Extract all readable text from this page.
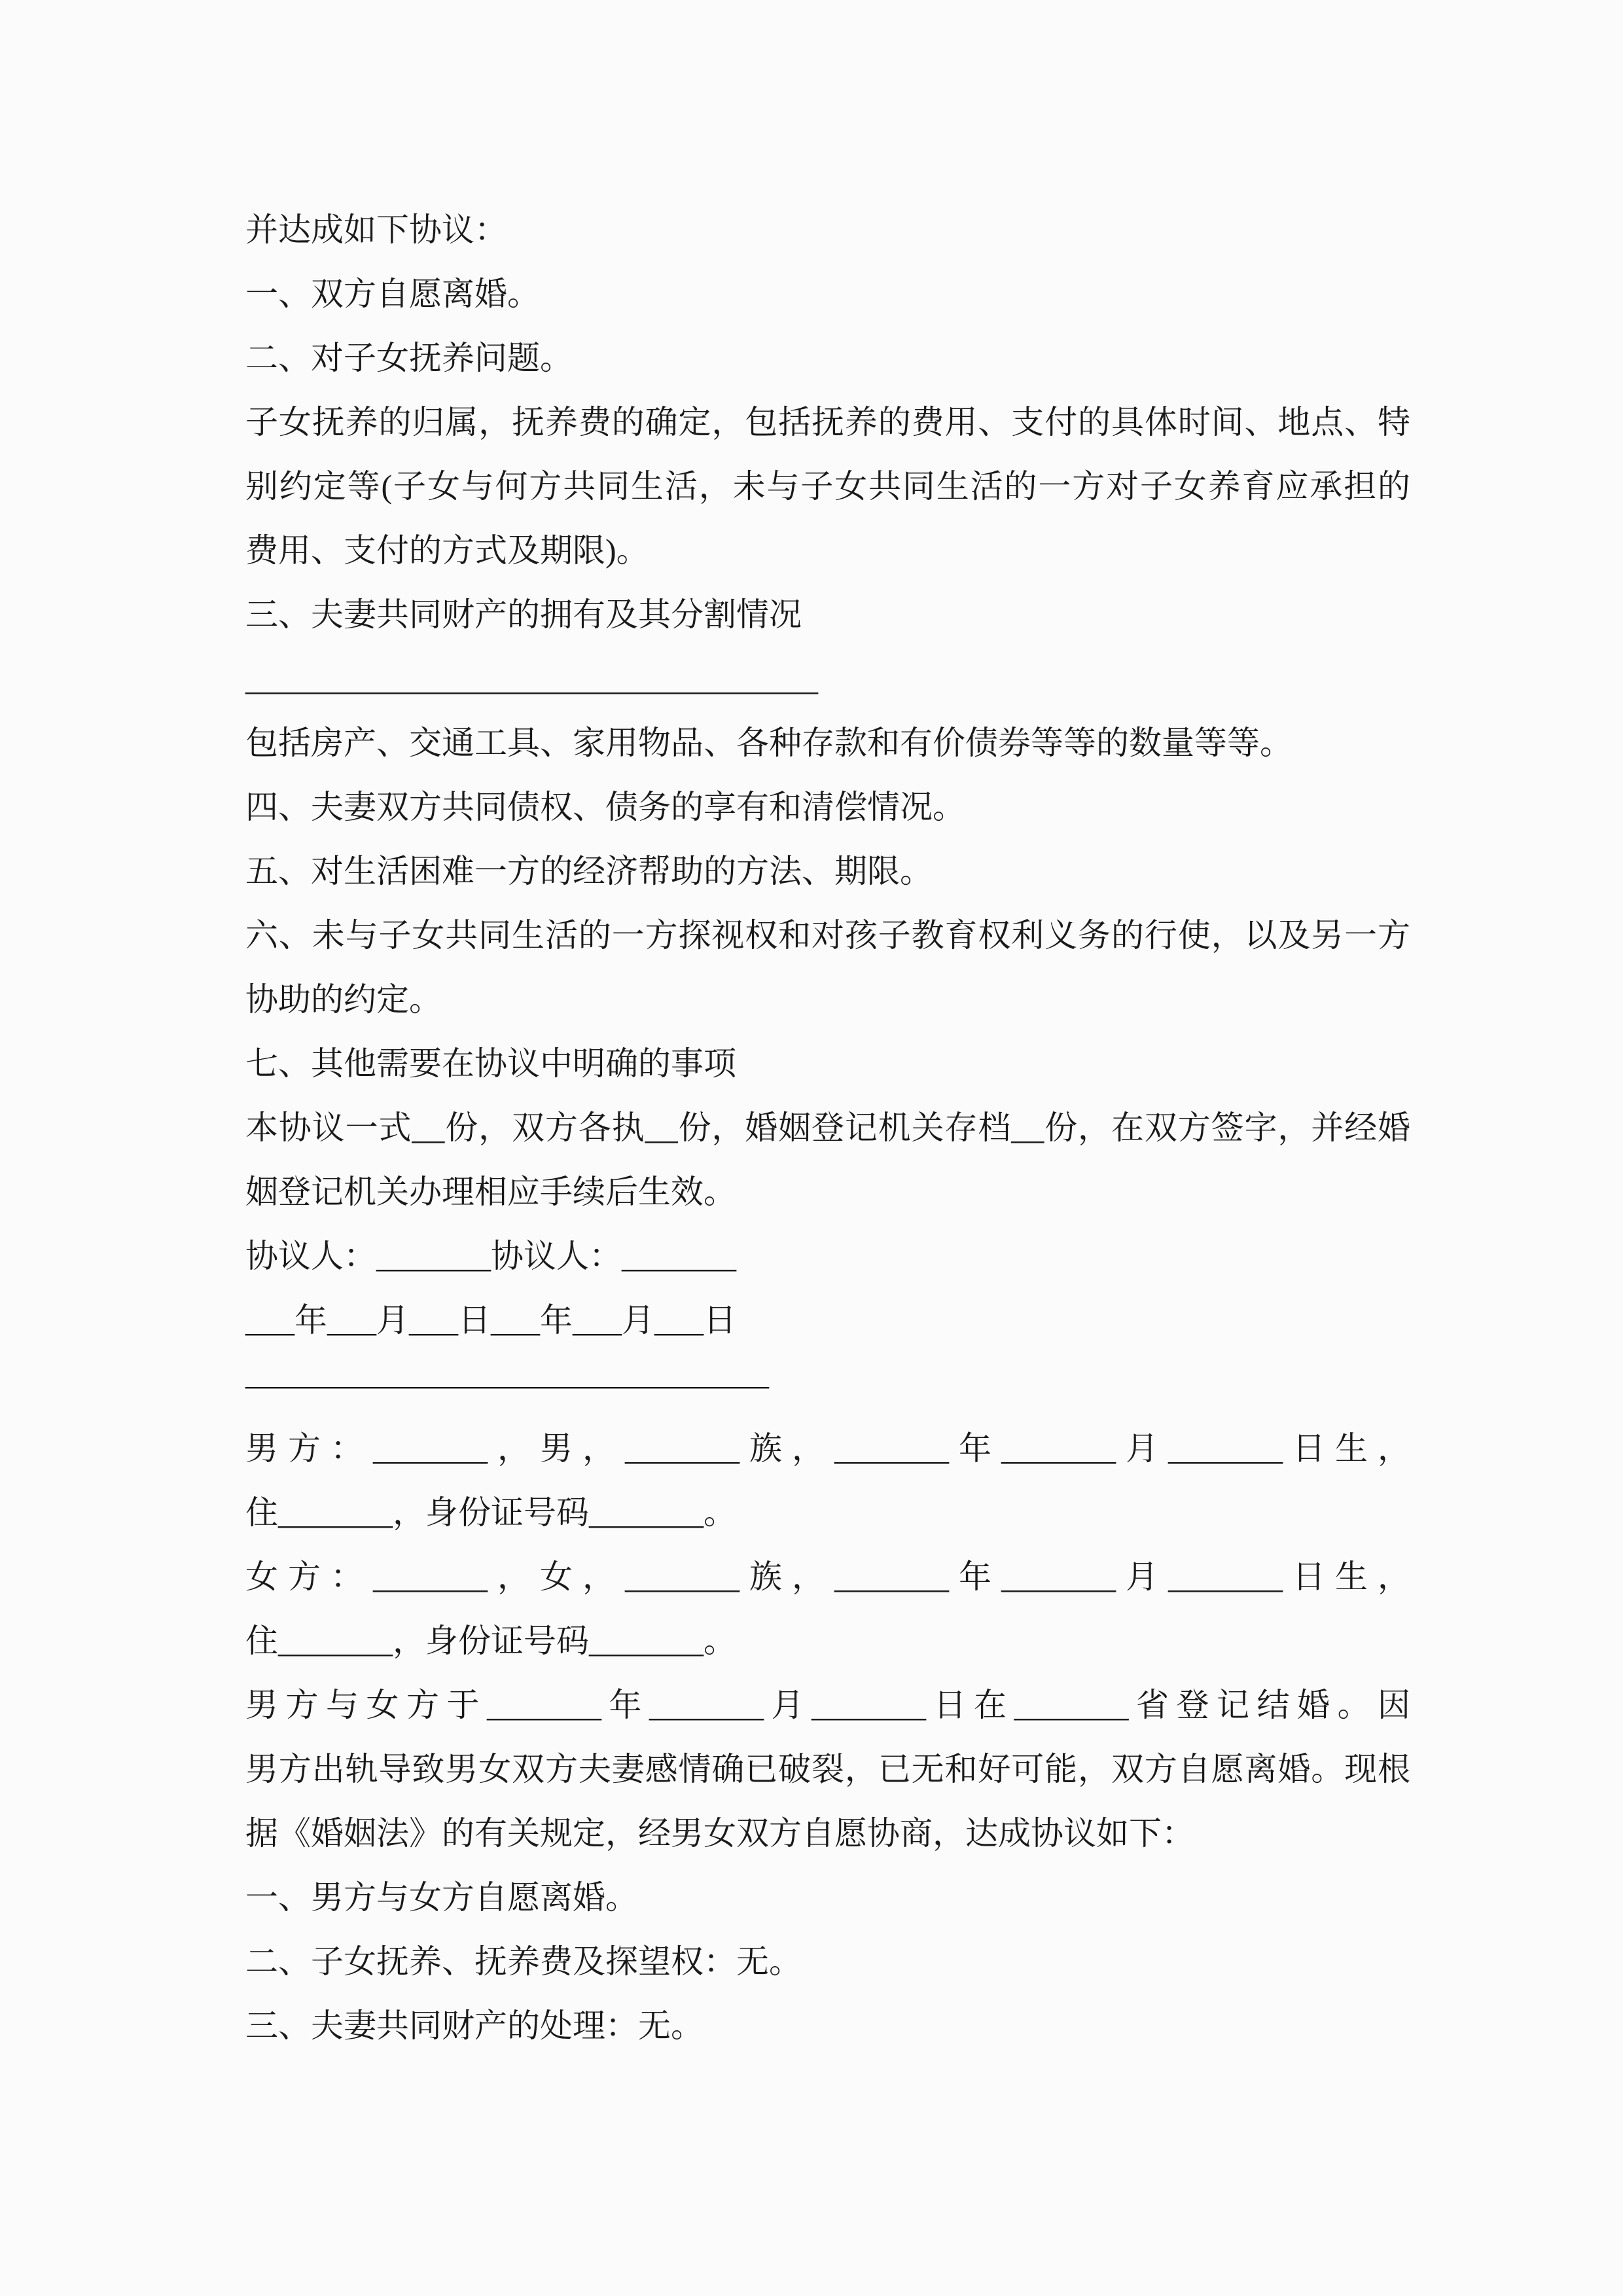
并达成如下协议：
一、双方自愿离婚。
二、对子女抚养问题。
子女抚养的归属，抚养费的确定，包括抚养的费用、支付的具体时间、地点、特
别约定等(子女与何方共同生活，未与子女共同生活的一方对子女养育应承担的
费用、支付的方式及期限)。
三、夫妻共同财产的拥有及其分割情况
___________________________________
包括房产、交通工具、家用物品、各种存款和有价债券等等的数量等等。
四、夫妻双方共同债权、债务的享有和清偿情况。
五、对生活困难一方的经济帮助的方法、期限。
六、未与子女共同生活的一方探视权和对孩子教育权利义务的行使，以及另一方
协助的约定。
七、其他需要在协议中明确的事项
本协议一式__份，双方各执__份，婚姻登记机关存档__份，在双方签字，并经婚
姻登记机关办理相应手续后生效。
协议人：_______协议人：_______
___年___月___日___年___月___日
————————————————
男方：_______，男，_______族，_______年_______月_______日生，
住_______，身份证号码_______。
女方：_______，女，_______族，_______年_______月_______日生，
住_______，身份证号码_______。
男方与女方于_______年_______月_______日在_______省登记结婚。因
男方出轨导致男女双方夫妻感情确已破裂，已无和好可能，双方自愿离婚。现根
据《婚姻法》的有关规定，经男女双方自愿协商，达成协议如下：
一、男方与女方自愿离婚。
二、子女抚养、抚养费及探望权：无。
三、夫妻共同财产的处理：无。
